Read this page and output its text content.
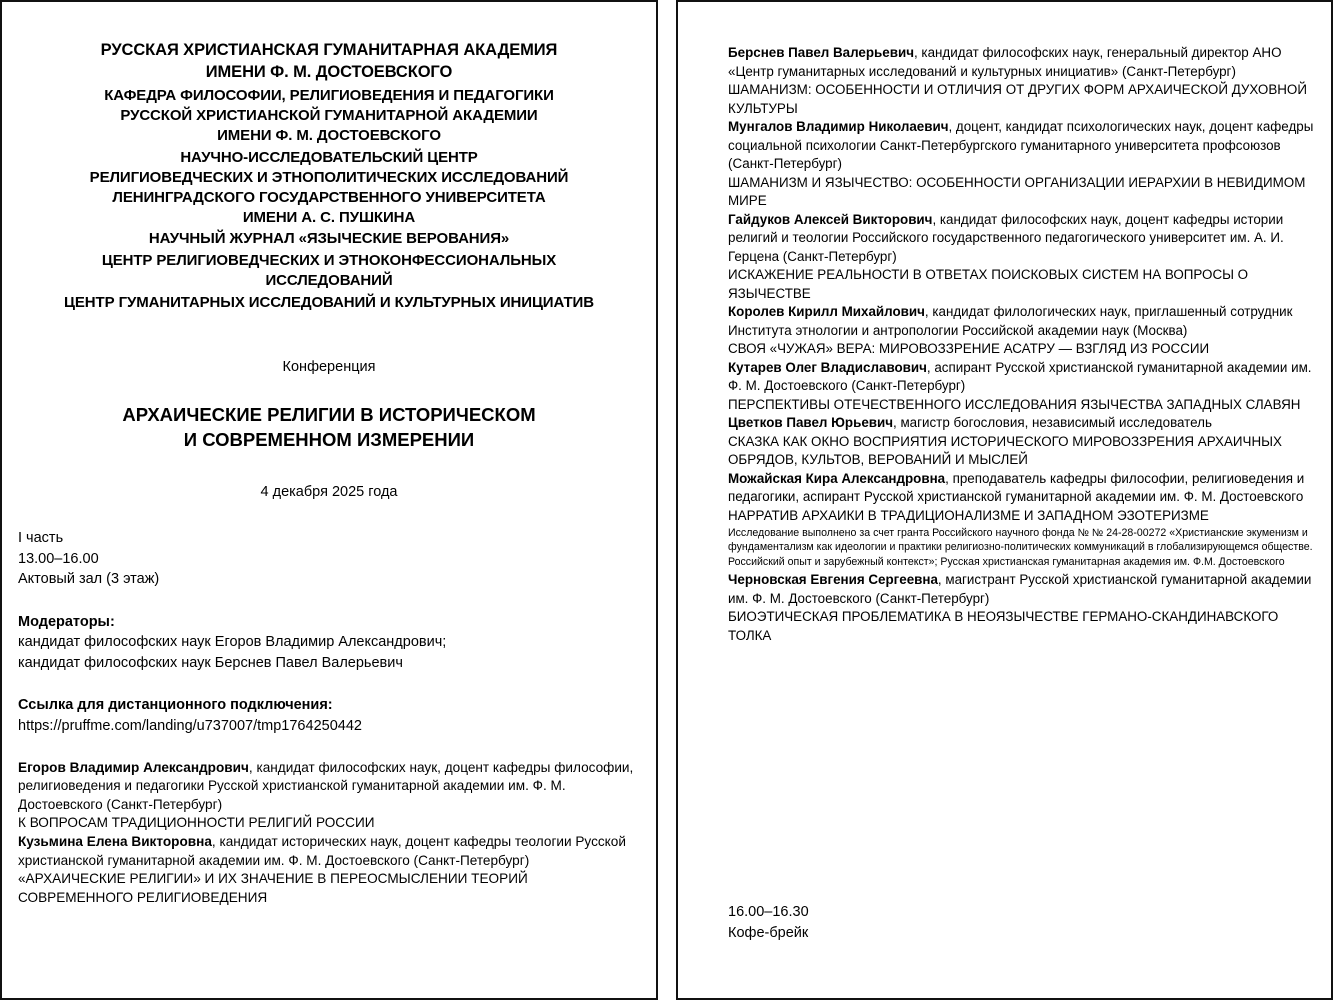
РУССКАЯ ХРИСТИАНСКАЯ ГУМАНИТАРНАЯ АКАДЕМИЯ
ИМЕНИ Ф. М. ДОСТОЕВСКОГО
КАФЕДРА ФИЛОСОФИИ, РЕЛИГИОВЕДЕНИЯ И ПЕДАГОГИКИ
РУССКОЙ ХРИСТИАНСКОЙ ГУМАНИТАРНОЙ АКАДЕМИИ
ИМЕНИ Ф. М. ДОСТОЕВСКОГО
НАУЧНО-ИССЛЕДОВАТЕЛЬСКИЙ ЦЕНТР
РЕЛИГИОВЕДЧЕСКИХ И ЭТНОПОЛИТИЧЕСКИХ ИССЛЕДОВАНИЙ
ЛЕНИНГРАДСКОГО ГОСУДАРСТВЕННОГО УНИВЕРСИТЕТА
ИМЕНИ А. С. ПУШКИНА
НАУЧНЫЙ ЖУРНАЛ «ЯЗЫЧЕСКИЕ ВЕРОВАНИЯ»
ЦЕНТР РЕЛИГИОВЕДЧЕСКИХ И ЭТНОКОНФЕССИОНАЛЬНЫХ
ИССЛЕДОВАНИЙ
ЦЕНТР ГУМАНИТАРНЫХ ИССЛЕДОВАНИЙ И КУЛЬТУРНЫХ ИНИЦИАТИВ
Конференция
АРХАИЧЕСКИЕ РЕЛИГИИ В ИСТОРИЧЕСКОМ
И СОВРЕМЕННОМ ИЗМЕРЕНИИ
4 декабря 2025 года
I часть
13.00–16.00
Актовый зал (3 этаж)
Модераторы:
кандидат философских наук Егоров Владимир Александрович;
кандидат философских наук Берснев Павел Валерьевич
Ссылка для дистанционного подключения:
https://pruffme.com/landing/u737007/tmp1764250442
Егоров Владимир Александрович, кандидат философских наук, доцент кафедры философии, религиоведения и педагогики Русской христианской гуманитарной академии им. Ф. М. Достоевского (Санкт-Петербург)
К ВОПРОСАМ ТРАДИЦИОННОСТИ РЕЛИГИЙ РОССИИ
Кузьмина Елена Викторовна, кандидат исторических наук, доцент кафедры теологии Русской христианской гуманитарной академии им. Ф. М. Достоевского (Санкт-Петербург)
«АРХАИЧЕСКИЕ РЕЛИГИИ» И ИХ ЗНАЧЕНИЕ В ПЕРЕОСМЫСЛЕНИИ ТЕОРИЙ СОВРЕМЕННОГО РЕЛИГИОВЕДЕНИЯ
Берснев Павел Валерьевич, кандидат философских наук, генеральный директор АНО «Центр гуманитарных исследований и культурных инициатив» (Санкт-Петербург)
ШАМАНИЗМ: ОСОБЕННОСТИ И ОТЛИЧИЯ ОТ ДРУГИХ ФОРМ АРХАИЧЕСКОЙ ДУХОВНОЙ КУЛЬТУРЫ
Мунгалов Владимир Николаевич, доцент, кандидат психологических наук, доцент кафедры социальной психологии Санкт-Петербургского гуманитарного университета профсоюзов (Санкт-Петербург)
ШАМАНИЗМ И ЯЗЫЧЕСТВО: ОСОБЕННОСТИ ОРГАНИЗАЦИИ ИЕРАРХИИ В НЕВИДИМОМ МИРЕ
Гайдуков Алексей Викторович, кандидат философских наук, доцент кафедры истории религий и теологии Российского государственного педагогического университет им. А. И. Герцена (Санкт-Петербург)
ИСКАЖЕНИЕ РЕАЛЬНОСТИ В ОТВЕТАХ ПОИСКОВЫХ СИСТЕМ НА ВОПРОСЫ О ЯЗЫЧЕСТВЕ
Королев Кирилл Михайлович, кандидат филологических наук, приглашенный сотрудник Института этнологии и антропологии Российской академии наук (Москва)
СВОЯ «ЧУЖАЯ» ВЕРА: МИРОВОЗЗРЕНИЕ АСАТРУ — ВЗГЛЯД ИЗ РОССИИ
Кутарев Олег Владиславович, аспирант Русской христианской гуманитарной академии им. Ф. М. Достоевского (Санкт-Петербург)
ПЕРСПЕКТИВЫ ОТЕЧЕСТВЕННОГО ИССЛЕДОВАНИЯ ЯЗЫЧЕСТВА ЗАПАДНЫХ СЛАВЯН
Цветков Павел Юрьевич, магистр богословия, независимый исследователь
СКАЗКА КАК ОКНО ВОСПРИЯТИЯ ИСТОРИЧЕСКОГО МИРОВОЗЗРЕНИЯ АРХАИЧНЫХ ОБРЯДОВ, КУЛЬТОВ, ВЕРОВАНИЙ И МЫСЛЕЙ
Можайская Кира Александровна, преподаватель кафедры философии, религиоведения и педагогики, аспирант Русской христианской гуманитарной академии им. Ф. М. Достоевского
НАРРАТИВ АРХАИКИ В ТРАДИЦИОНАЛИЗМЕ И ЗАПАДНОМ ЭЗОТЕРИЗМЕ
Исследование выполнено за счет гранта Российского научного фонда № № 24-28-00272 «Христианские экуменизм и фундаментализм как идеологии и практики религиозно-политических коммуникаций в глобализирующемся обществе. Российский опыт и зарубежный контекст»; Русская христианская гуманитарная академия им. Ф.М. Достоевского
Черновская Евгения Сергеевна, магистрант Русской христианской гуманитарной академии им. Ф. М. Достоевского (Санкт-Петербург)
БИОЭТИЧЕСКАЯ ПРОБЛЕМАТИКА В НЕОЯЗЫЧЕСТВЕ ГЕРМАНО-СКАНДИНАВСКОГО ТОЛКА
16.00–16.30
Кофе-брейк
